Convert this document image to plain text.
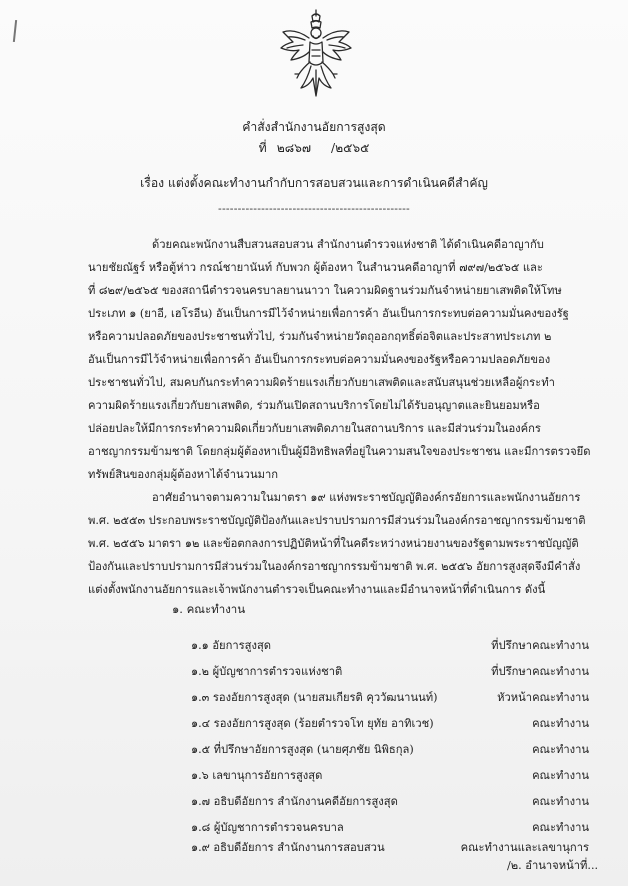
คำสั่งสำนักงานอัยการสูงสุด
ที่ ๒๘๖๗ /๒๕๖๕
เรื่อง แต่งตั้งคณะทำงานกำกับการสอบสวนและการดำเนินคดีสำคัญ
-------------------------------------------------
ด้วยคณะพนักงานสืบสวนสอบสวน สำนักงานตำรวจแห่งชาติ ได้ดำเนินคดีอาญากับ
นายชัยณัฐร์ หรือตู้ห่าว กรณ์ชายานันท์ กับพวก ผู้ต้องหา ในสำนวนคดีอาญาที่ ๗๙๗/๒๕๖๕ และ
ที่ ๘๒๙/๒๕๖๕ ของสถานีตำรวจนครบาลยานนาวา ในความผิดฐานร่วมกันจำหน่ายยาเสพติดให้โทษ
ประเภท ๑ (ยาอี, เฮโรอีน) อันเป็นการมีไว้จำหน่ายเพื่อการค้า อันเป็นการกระทบต่อความมั่นคงของรัฐ
หรือความปลอดภัยของประชาชนทั่วไป, ร่วมกันจำหน่ายวัตถุออกฤทธิ์ต่อจิตและประสาทประเภท ๒
อันเป็นการมีไว้จำหน่ายเพื่อการค้า อันเป็นการกระทบต่อความมั่นคงของรัฐหรือความปลอดภัยของ
ประชาชนทั่วไป, สมคบกันกระทำความผิดร้ายแรงเกี่ยวกับยาเสพติดและสนับสนุนช่วยเหลือผู้กระทำ
ความผิดร้ายแรงเกี่ยวกับยาเสพติด, ร่วมกันเปิดสถานบริการโดยไม่ได้รับอนุญาตและยินยอมหรือ
ปล่อยปละให้มีการกระทำความผิดเกี่ยวกับยาเสพติดภายในสถานบริการ และมีส่วนร่วมในองค์กร
อาชญากรรมข้ามชาติ โดยกลุ่มผู้ต้องหาเป็นผู้มีอิทธิพลที่อยู่ในความสนใจของประชาชน และมีการตรวจยึด
ทรัพย์สินของกลุ่มผู้ต้องหาได้จำนวนมาก
อาศัยอำนาจตามความในมาตรา ๑๙ แห่งพระราชบัญญัติองค์กรอัยการและพนักงานอัยการ
พ.ศ. ๒๕๕๓ ประกอบพระราชบัญญัติป้องกันและปราบปรามการมีส่วนร่วมในองค์กรอาชญากรรมข้ามชาติ
พ.ศ. ๒๕๕๖ มาตรา ๑๒ และข้อตกลงการปฏิบัติหน้าที่ในคดีระหว่างหน่วยงานของรัฐตามพระราชบัญญัติ
ป้องกันและปราบปรามการมีส่วนร่วมในองค์กรอาชญากรรมข้ามชาติ พ.ศ. ๒๕๕๖ อัยการสูงสุดจึงมีคำสั่ง
แต่งตั้งพนักงานอัยการและเจ้าพนักงานตำรวจเป็นคณะทำงานและมีอำนาจหน้าที่ดำเนินการ ดังนี้
๑. คณะทำงาน
๑.๑ อัยการสูงสุด	ที่ปรึกษาคณะทำงาน
๑.๒ ผู้บัญชาการตำรวจแห่งชาติ	ที่ปรึกษาคณะทำงาน
๑.๓ รองอัยการสูงสุด (นายสมเกียรติ คุววัฒนานนท์)	หัวหน้าคณะทำงาน
๑.๔ รองอัยการสูงสุด (ร้อยตำรวจโท ยุทัย อาทิเวช)	คณะทำงาน
๑.๕ ที่ปรึกษาอัยการสูงสุด (นายศุภชัย นิพิธกุล)	คณะทำงาน
๑.๖ เลขานุการอัยการสูงสุด	คณะทำงาน
๑.๗ อธิบดีอัยการ สำนักงานคดีอัยการสูงสุด	คณะทำงาน
๑.๘ ผู้บัญชาการตำรวจนครบาล	คณะทำงาน
๑.๙ อธิบดีอัยการ สำนักงานการสอบสวน	คณะทำงานและเลขานุการ
/๒. อำนาจหน้าที่...
